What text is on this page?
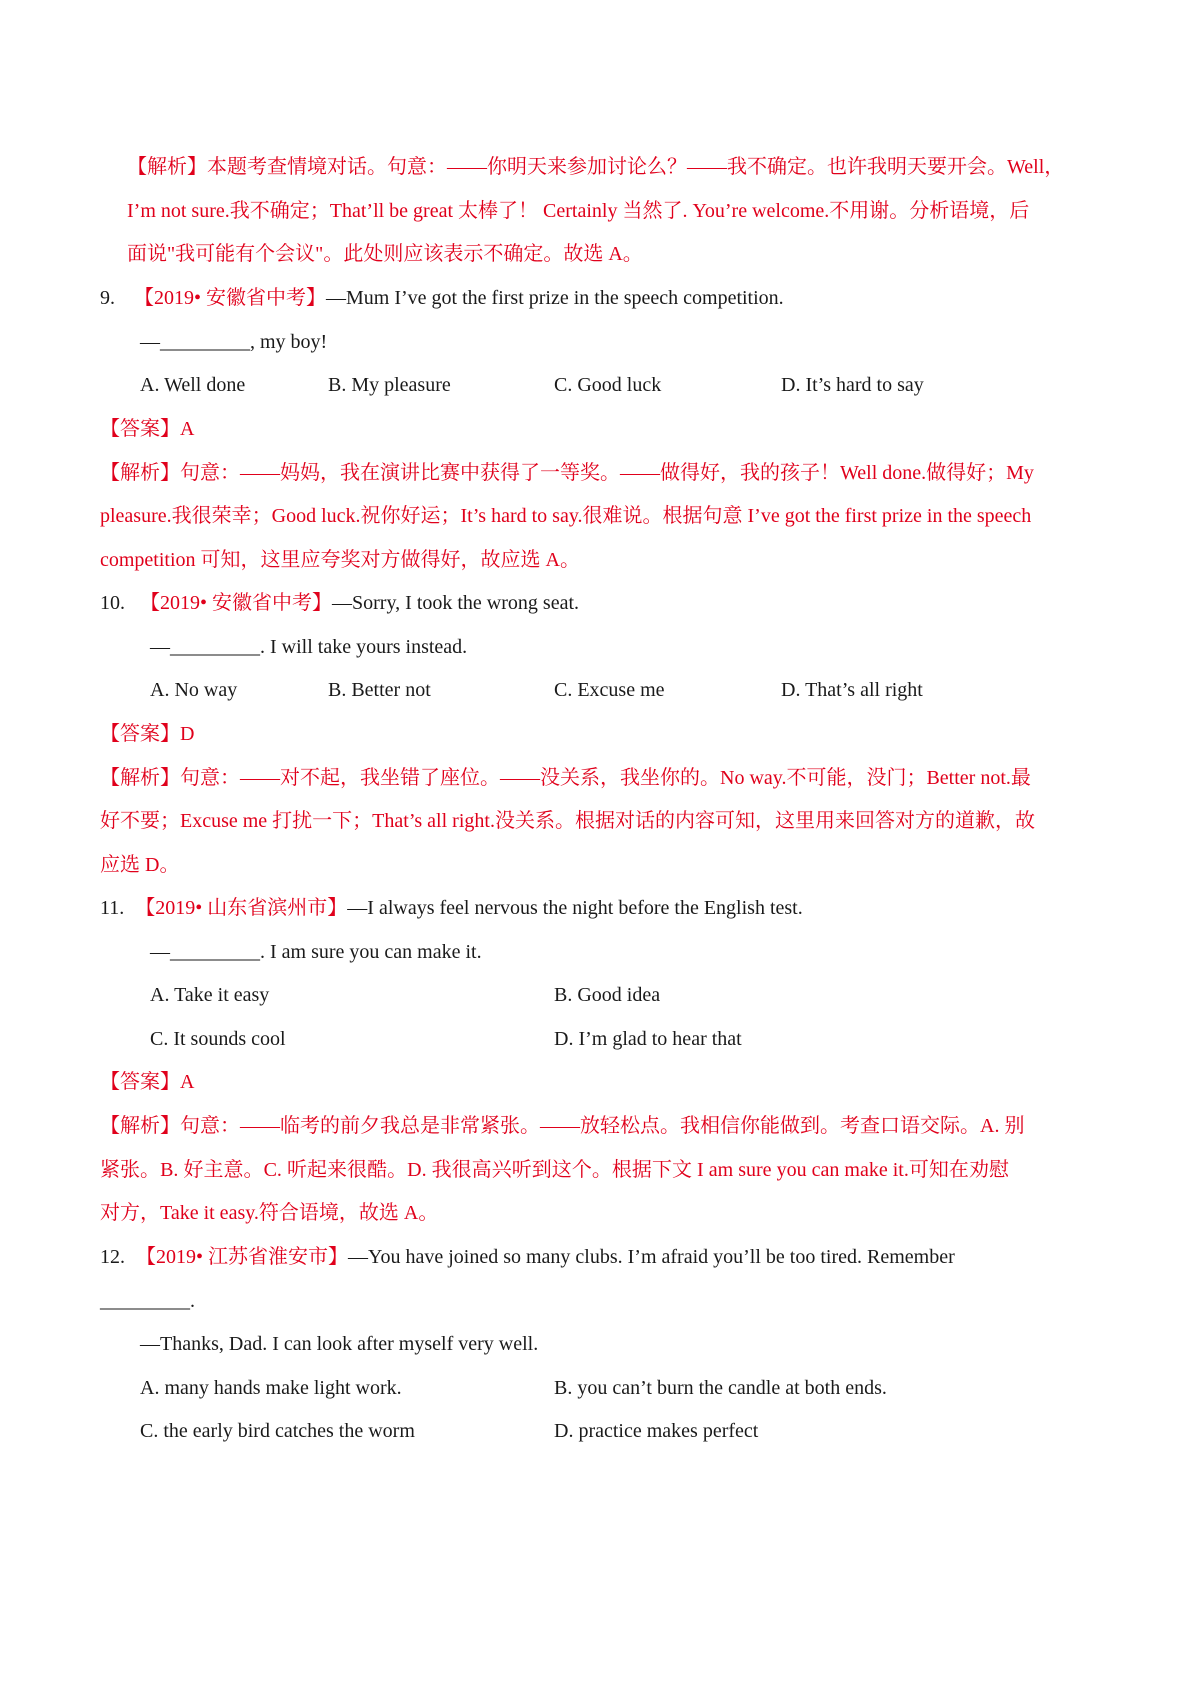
【解析】本题考查情境对话。句意：——你明天来参加讨论么？——我不确定。也许我明天要开会。Well，
I’m not sure.我不确定；That’ll be great 太棒了！ Certainly 当然了. You’re welcome.不用谢。分析语境，后
面说"我可能有个会议"。此处则应该表示不确定。故选 A。
9. 【2019• 安徽省中考】—Mum I’ve got the first prize in the speech competition.
—_________, my boy!
A. Well done	B. My pleasure	C. Good luck	D. It’s hard to say
【答案】A
【解析】句意：——妈妈，我在演讲比赛中获得了一等奖。——做得好，我的孩子！Well done.做得好；My
pleasure.我很荣幸；Good luck.祝你好运；It’s hard to say.很难说。根据句意 I’ve got the first prize in the speech
competition 可知，这里应夸奖对方做得好，故应选 A。
10. 【2019• 安徽省中考】—Sorry, I took the wrong seat.
—_________. I will take yours instead.
A. No way	B. Better not	C. Excuse me	D. That’s all right
【答案】D
【解析】句意：——对不起，我坐错了座位。——没关系，我坐你的。No way.不可能，没门；Better not.最
好不要；Excuse me 打扰一下；That’s all right.没关系。根据对话的内容可知，这里用来回答对方的道歉，故
应选 D。
11. 【2019• 山东省滨州市】—I always feel nervous the night before the English test.
—_________. I am sure you can make it.
A. Take it easy	B. Good idea
C. It sounds cool	D. I’m glad to hear that
【答案】A
【解析】句意：——临考的前夕我总是非常紧张。——放轻松点。我相信你能做到。考查口语交际。A. 别
紧张。B. 好主意。C. 听起来很酷。D. 我很高兴听到这个。根据下文 I am sure you can make it.可知在劝慰
对方，Take it easy.符合语境，故选 A。
12. 【2019• 江苏省淮安市】—You have joined so many clubs. I’m afraid you’ll be too tired. Remember
_________.
—Thanks, Dad. I can look after myself very well.
A. many hands make light work.	B. you can’t burn the candle at both ends.
C. the early bird catches the worm	D. practice makes perfect
